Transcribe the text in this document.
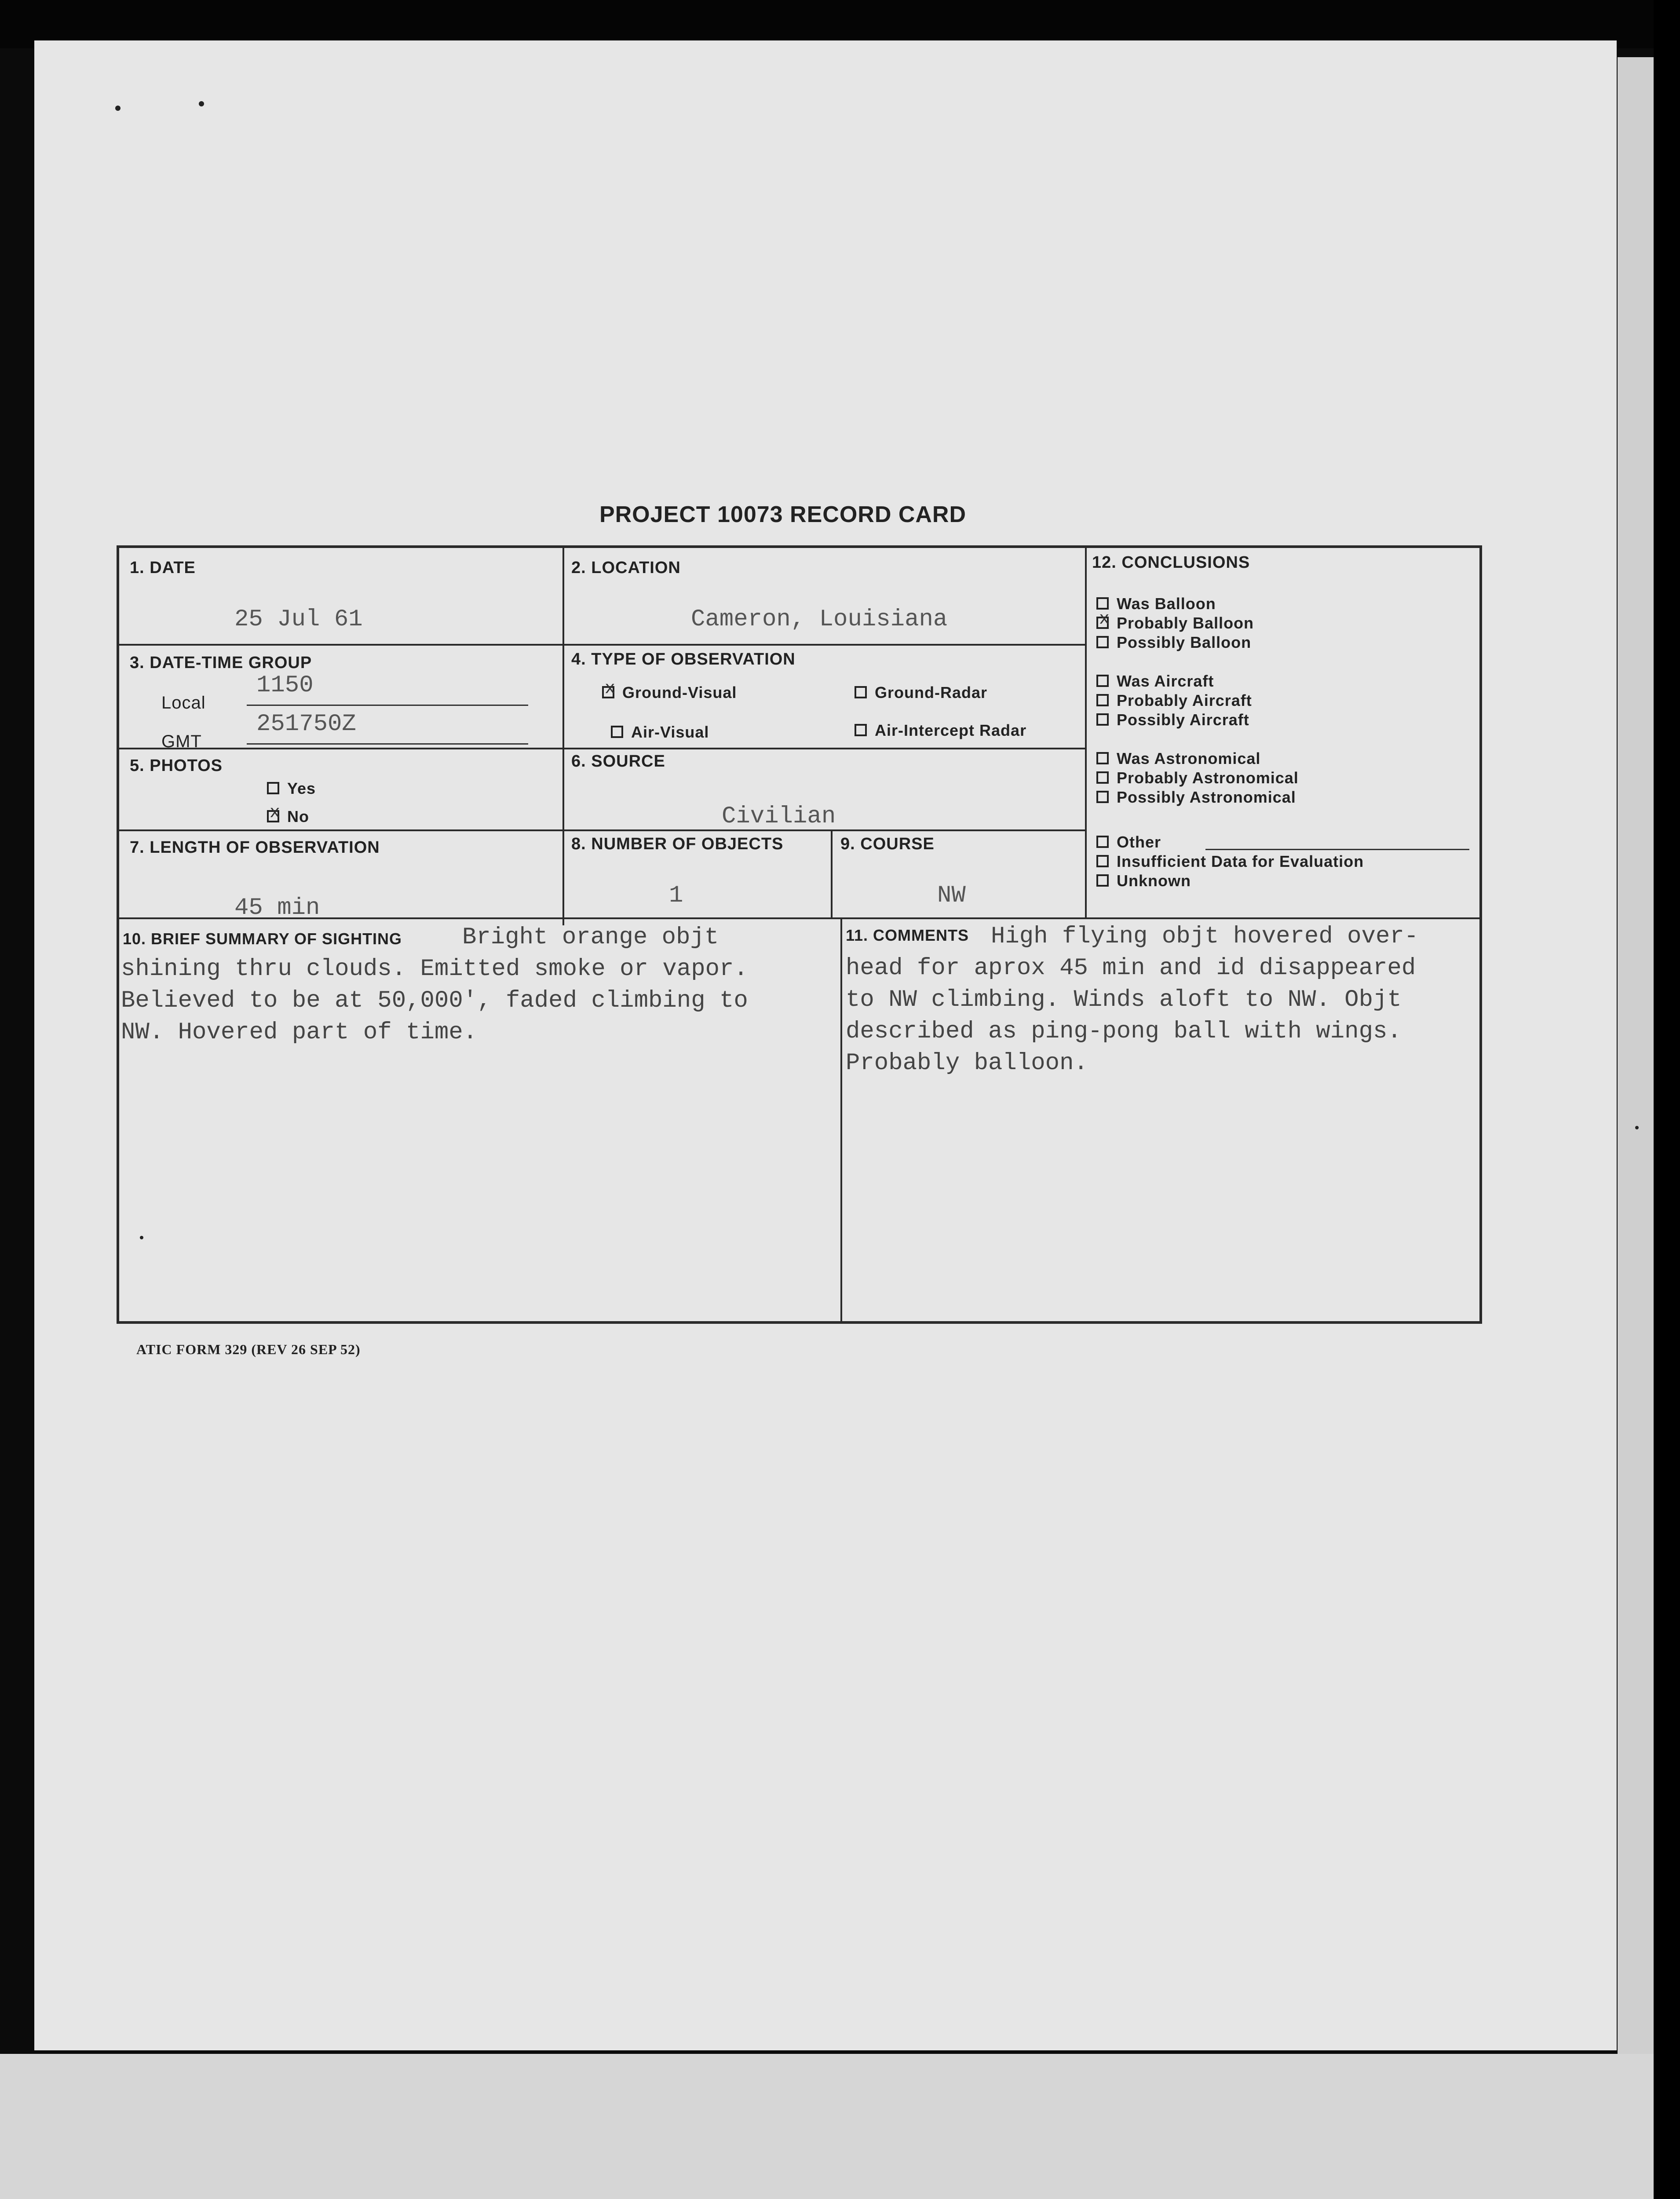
PROJECT 10073 RECORD CARD
1. DATE
25 Jul 61
2. LOCATION
Cameron, Louisiana
3. DATE-TIME GROUP
Local
1150
GMT
251750Z
4. TYPE OF OBSERVATION
xGround-Visual	Ground-Radar
Air-Visual	Air-Intercept Radar
5. PHOTOS
Yes
xNo
6. SOURCE
Civilian
7. LENGTH OF OBSERVATION
45 min
8. NUMBER OF OBJECTS
1
9. COURSE
NW
10. BRIEF SUMMARY OF SIGHTING	Bright orange objt
shining thru clouds. Emitted smoke or vapor.
Believed to be at 50,000', faded climbing to
NW. Hovered part of time.
11. COMMENTS High flying objt hovered over-
head for aprox 45 min and id disappeared
to NW climbing. Winds aloft to NW. Objt
described as ping-pong ball with wings.
Probably balloon.
12. CONCLUSIONS
Was Balloon
xProbably Balloon
Possibly Balloon
Was Aircraft
Probably Aircraft
Possibly Aircraft
Was Astronomical
Probably Astronomical
Possibly Astronomical
Other
Insufficient Data for Evaluation
Unknown
ATIC FORM 329 (REV 26 SEP 52)
